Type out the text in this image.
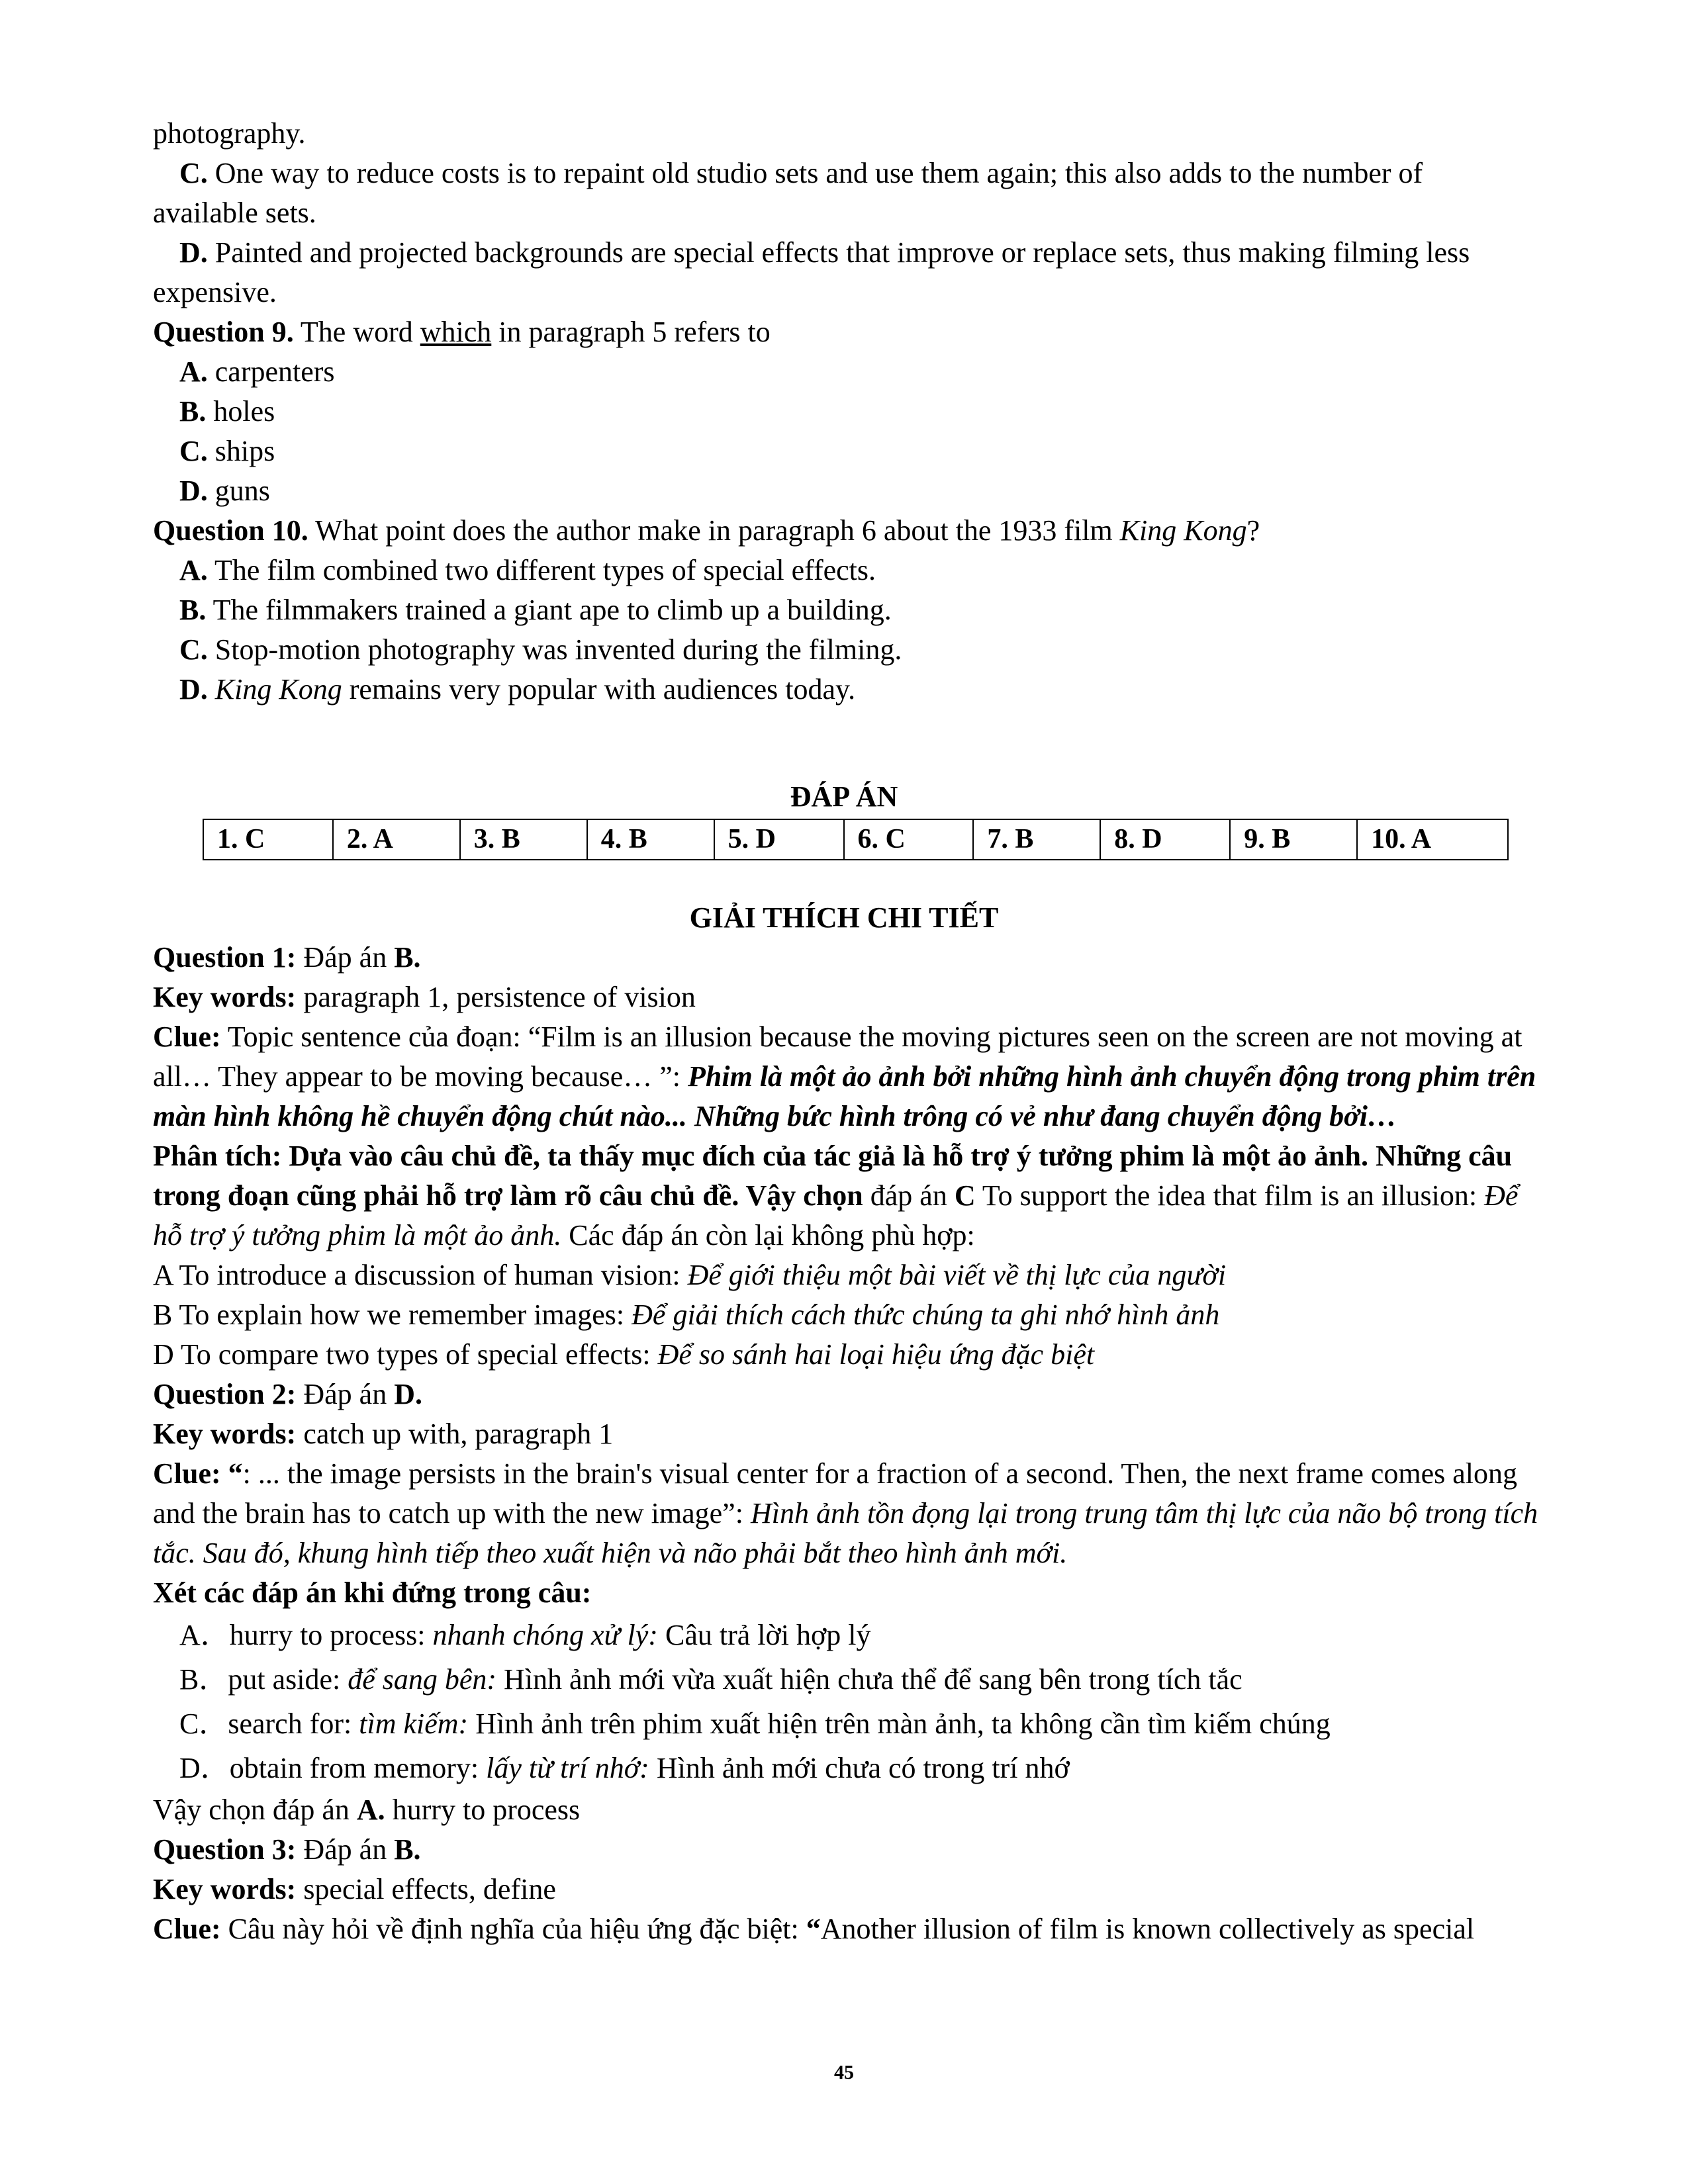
photography.

C. One way to reduce costs is to repaint old studio sets and use them again; this also adds to the number of

available sets.

D. Painted and projected backgrounds are special effects that improve or replace sets, thus making filming less

expensive.

Question 9. The word which in paragraph 5 refers to

A. carpenters

B. holes

C. ships

D. guns

Question 10. What point does the author make in paragraph 6 about the 1933 film King Kong?

A. The film combined two different types of special effects.

B. The filmmakers trained a giant ape to climb up a building.

C. Stop-motion photography was invented during the filming.

D. King Kong remains very popular with audiences today.

ĐÁP ÁN
1. C	2. A	3. B	4. B	5. D	6. C	7. B	8. D	9. B	10. A
GIẢI THÍCH CHI TIẾT

Question 1: Đáp án B.

Key words: paragraph 1, persistence of vision

Clue: Topic sentence của đoạn: “Film is an illusion because the moving pictures seen on the screen are not moving at all… They appear to be moving because… ”: Phim là một ảo ảnh bởi những hình ảnh chuyển động trong phim trên màn hình không hề chuyển động chút nào... Những bức hình trông có vẻ như đang chuyển động bởi…

Phân tích: Dựa vào câu chủ đề, ta thấy mục đích của tác giả là hỗ trợ ý tưởng phim là một ảo ảnh. Những câu trong đoạn cũng phải hỗ trợ làm rõ câu chủ đề. Vậy chọn đáp án C To support the idea that film is an illusion: Để hỗ trợ ý tưởng phim là một ảo ảnh. Các đáp án còn lại không phù hợp:

A To introduce a discussion of human vision: Để giới thiệu một bài viết về thị lực của người

B To explain how we remember images: Để giải thích cách thức chúng ta ghi nhớ hình ảnh

D To compare two types of special effects: Để so sánh hai loại hiệu ứng đặc biệt

Question 2: Đáp án D.

Key words: catch up with, paragraph 1

Clue: “: ... the image persists in the brain's visual center for a fraction of a second. Then, the next frame comes along and the brain has to catch up with the new image”: Hình ảnh tồn đọng lại trong trung tâm thị lực của não bộ trong tích tắc. Sau đó, khung hình tiếp theo xuất hiện và não phải bắt theo hình ảnh mới.

Xét các đáp án khi đứng trong câu:

A．hurry to process: nhanh chóng xử lý: Câu trả lời hợp lý

B．put aside: để sang bên: Hình ảnh mới vừa xuất hiện chưa thể để sang bên trong tích tắc

C．search for: tìm kiếm: Hình ảnh trên phim xuất hiện trên màn ảnh, ta không cần tìm kiếm chúng

D．obtain from memory: lấy từ trí nhớ: Hình ảnh mới chưa có trong trí nhớ

Vậy chọn đáp án A. hurry to process

Question 3: Đáp án B.

Key words: special effects, define

Clue: Câu này hỏi về định nghĩa của hiệu ứng đặc biệt: “Another illusion of film is known collectively as special

45
